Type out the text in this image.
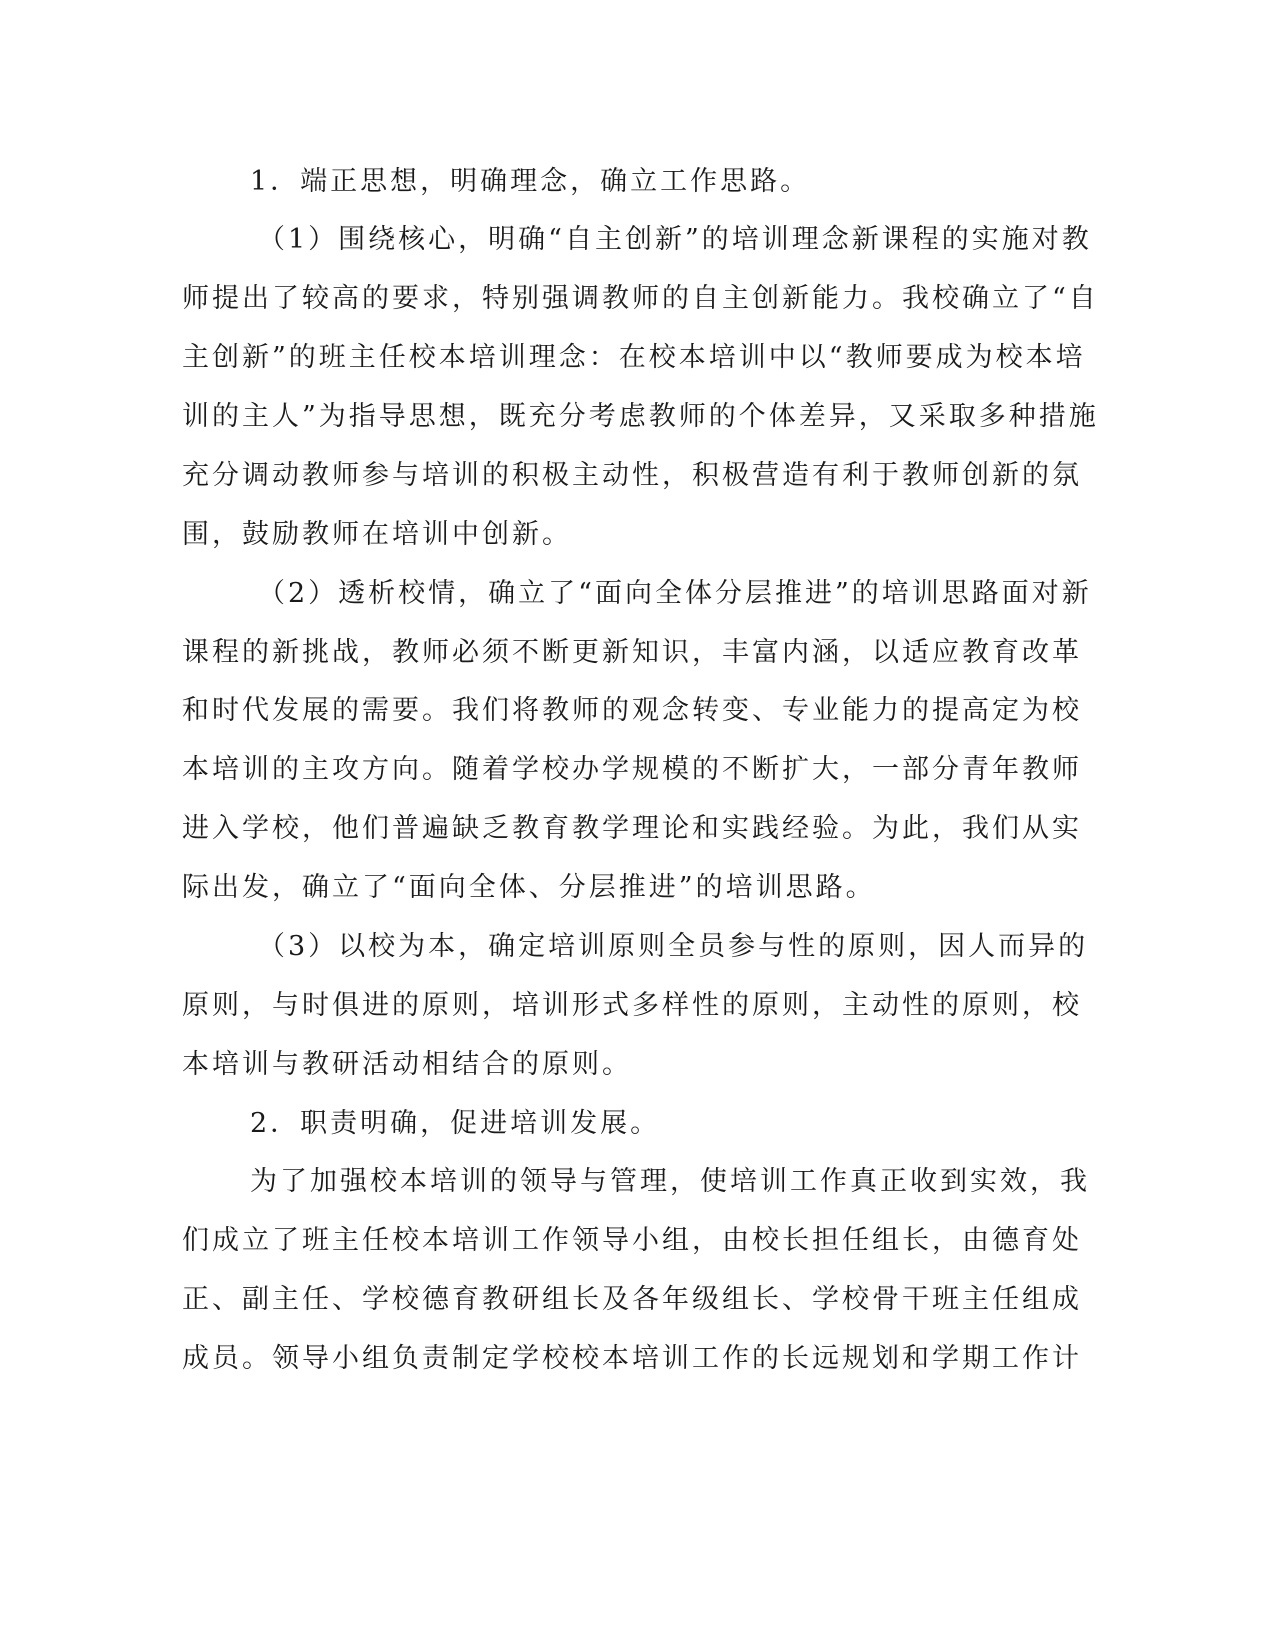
1．端正思想，明确理念，确立工作思路。
（1）围绕核心，明确“自主创新”的培训理念新课程的实施对教
师提出了较高的要求，特别强调教师的自主创新能力。我校确立了“自
主创新”的班主任校本培训理念：在校本培训中以“教师要成为校本培
训的主人”为指导思想，既充分考虑教师的个体差异，又采取多种措施
充分调动教师参与培训的积极主动性，积极营造有利于教师创新的氛
围，鼓励教师在培训中创新。
（2）透析校情，确立了“面向全体分层推进”的培训思路面对新
课程的新挑战，教师必须不断更新知识，丰富内涵，以适应教育改革
和时代发展的需要。我们将教师的观念转变、专业能力的提高定为校
本培训的主攻方向。随着学校办学规模的不断扩大，一部分青年教师
进入学校，他们普遍缺乏教育教学理论和实践经验。为此，我们从实
际出发，确立了“面向全体、分层推进”的培训思路。
（3）以校为本，确定培训原则全员参与性的原则，因人而异的
原则，与时俱进的原则，培训形式多样性的原则，主动性的原则，校
本培训与教研活动相结合的原则。
2．职责明确，促进培训发展。
为了加强校本培训的领导与管理，使培训工作真正收到实效，我
们成立了班主任校本培训工作领导小组，由校长担任组长，由德育处
正、副主任、学校德育教研组长及各年级组长、学校骨干班主任组成
成员。领导小组负责制定学校校本培训工作的长远规划和学期工作计
